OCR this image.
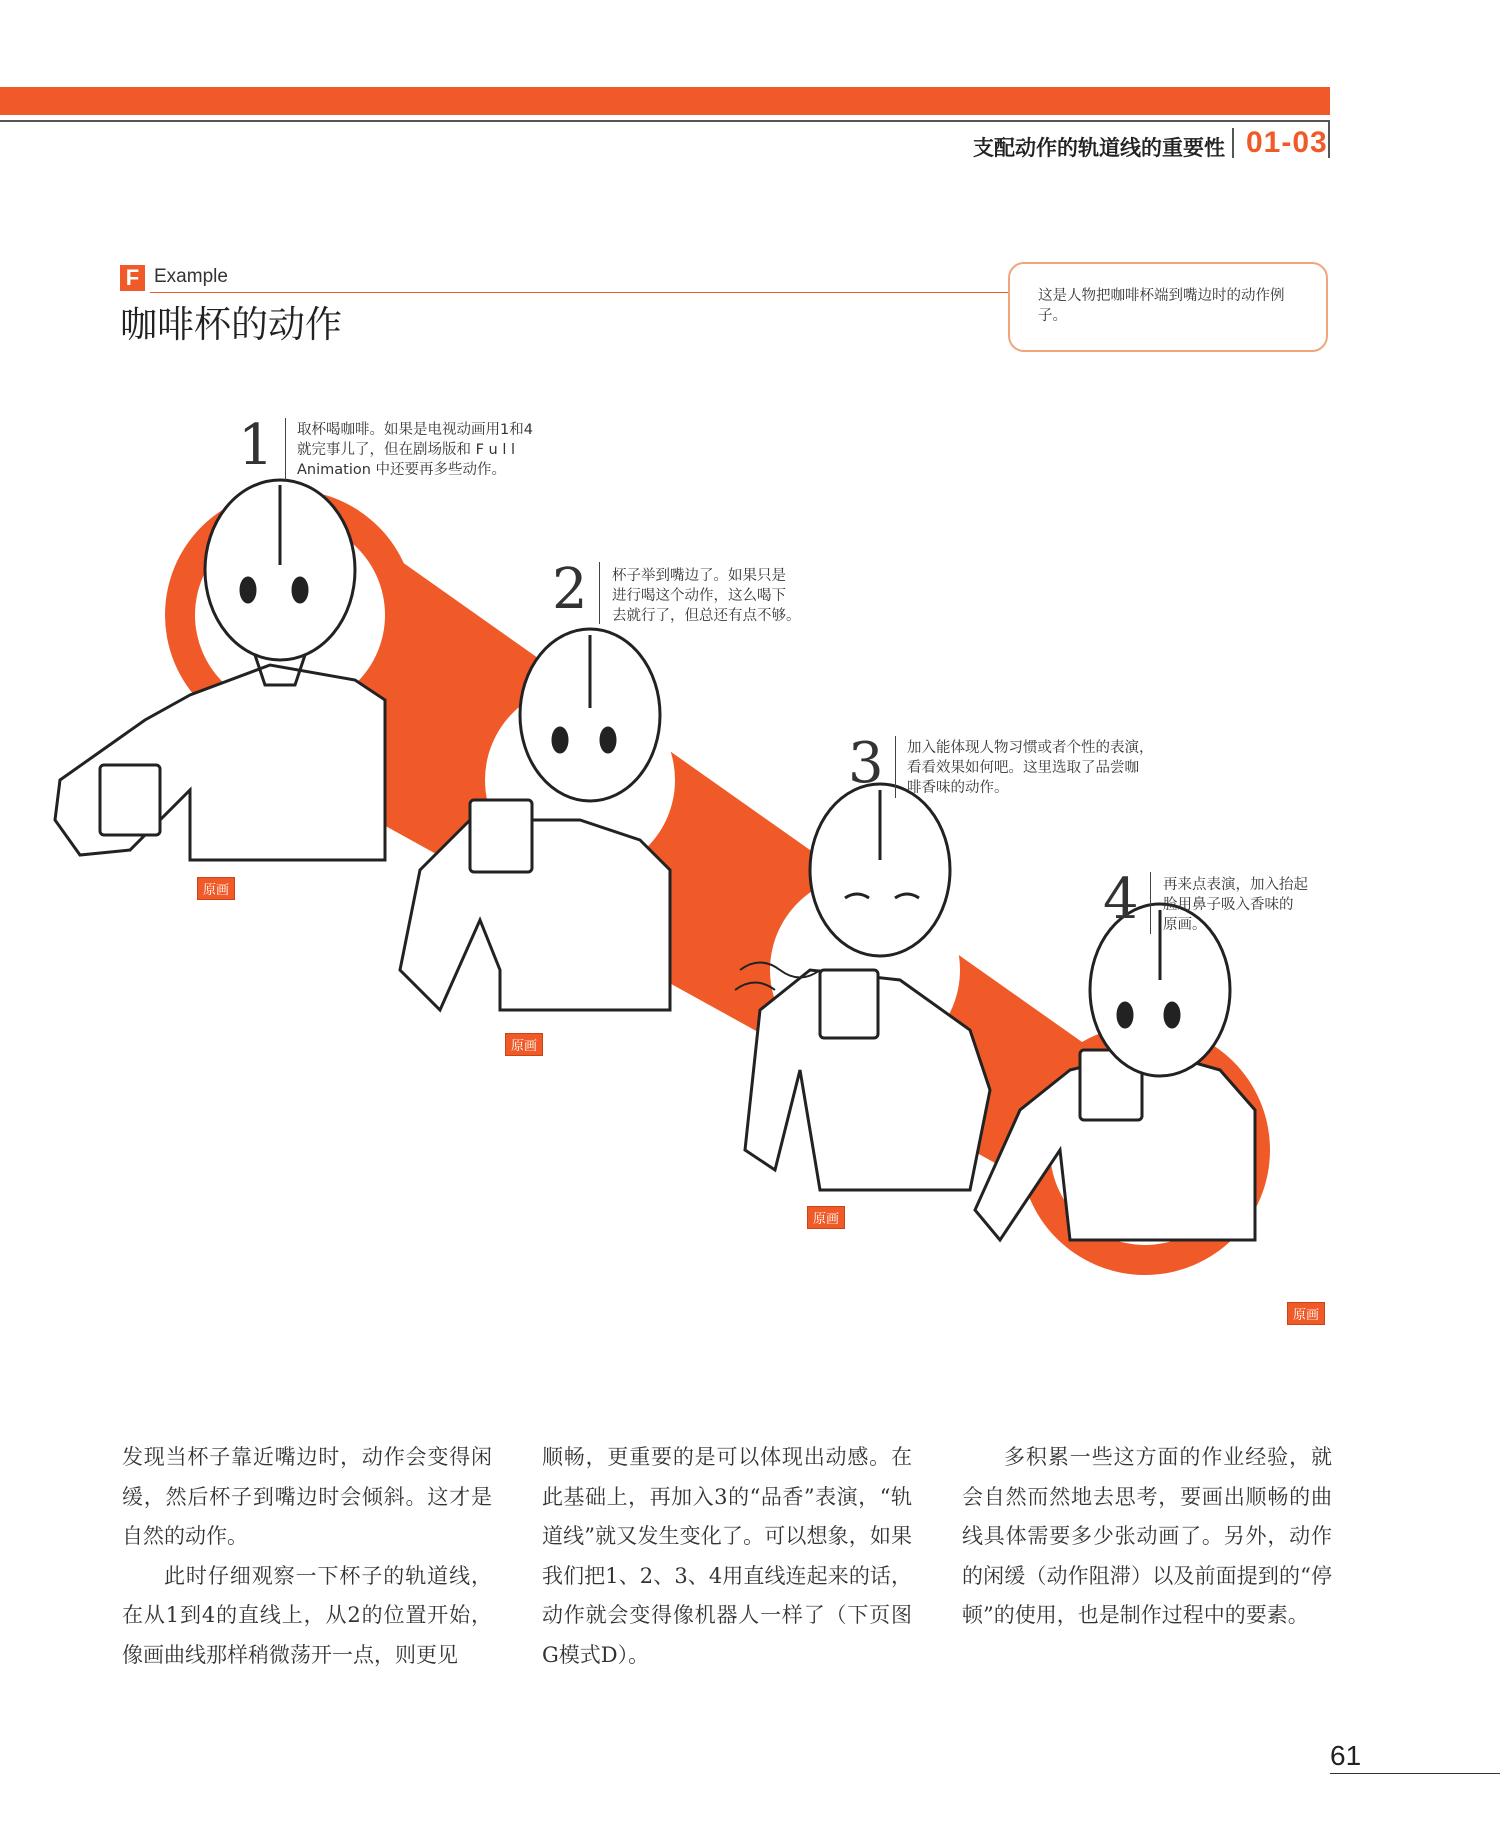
支配动作的轨道线的重要性 01-03
F Example
咖啡杯的动作
这是人物把咖啡杯端到嘴边时的动作例子。
1 取杯喝咖啡。如果是电视动画用1和4
就完事儿了，但在剧场版和 F u l l
Animation 中还要再多些动作。
2 杯子举到嘴边了。如果只是
进行喝这个动作，这么喝下
去就行了，但总还有点不够。
3 加入能体现人物习惯或者个性的表演，
看看效果如何吧。这里选取了品尝咖
啡香味的动作。
4 再来点表演，加入抬起
脸用鼻子吸入香味的
原画。
原画
原画
原画
原画

发现当杯子靠近嘴边时，动作会变得闲缓，然后杯子到嘴边时会倾斜。这才是自然的动作。

此时仔细观察一下杯子的轨道线，在从1到4的直线上，从2的位置开始，像画曲线那样稍微荡开一点，则更见

顺畅，更重要的是可以体现出动感。在此基础上，再加入3的“品香”表演，“轨道线”就又发生变化了。可以想象，如果我们把1、2、3、4用直线连起来的话，动作就会变得像机器人一样了（下页图G模式D）。

多积累一些这方面的作业经验，就会自然而然地去思考，要画出顺畅的曲线具体需要多少张动画了。另外，动作的闲缓（动作阻滞）以及前面提到的“停顿”的使用，也是制作过程中的要素。

61
